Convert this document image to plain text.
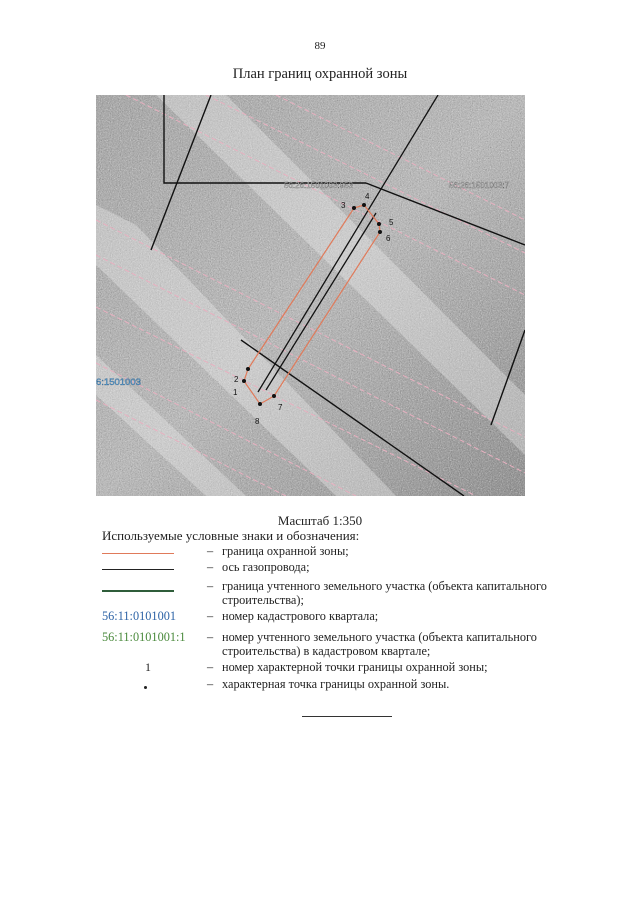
89
План границ охранной зоны
1
2
3
4
5
6
7
8
56:26:1501003:953	56:26:1501003:7
6:1501003
Масштаб 1:350
Используемые условные знаки и обозначения:
– граница охранной зоны;
– ось газопровода;
– граница учтенного земельного участка (объекта капитального строительства);
56:11:0101001	– номер кадастрового квартала;
56:11:0101001:1 – номер учтенного земельного участка (объекта капитального строительства) в кадастровом квартале;
1	– номер характерной точки границы охранной зоны;
– характерная точка границы охранной зоны.
